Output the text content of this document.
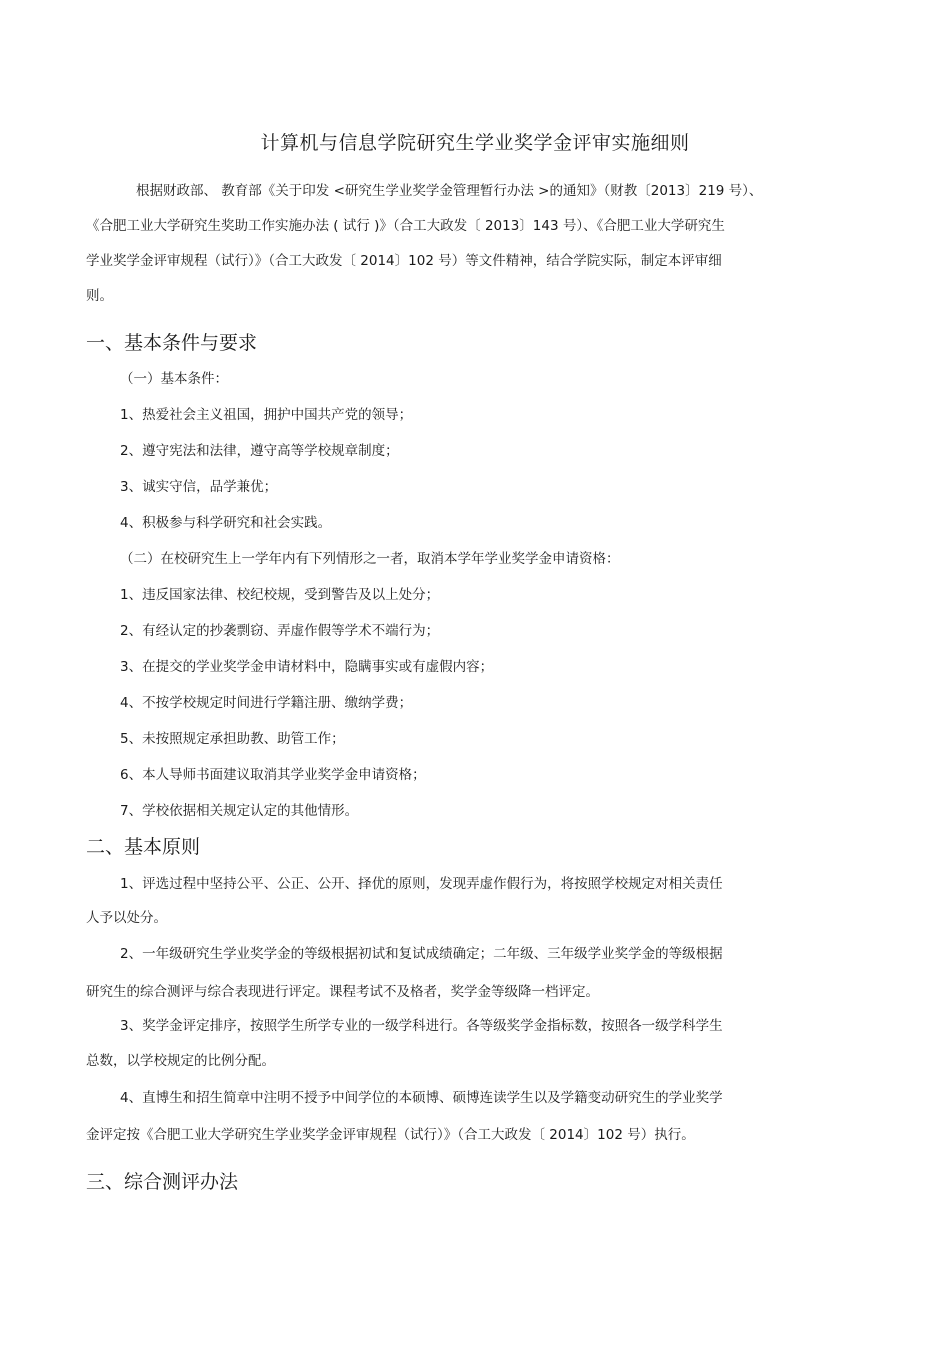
计算机与信息学院研究生学业奖学金评审实施细则
根据财政部、 教育部《关于印发 <研究生学业奖学金管理暂行办法 >的通知》（财教〔2013〕219 号）、
《合肥工业大学研究生奖助工作实施办法 ( 试行 )》（合工大政发〔 2013〕143 号）、《合肥工业大学研究生
学业奖学金评审规程（试行）》（合工大政发〔 2014〕102 号）等文件精神，结合学院实际，制定本评审细
则。
一、基本条件与要求
（一）基本条件：
1、热爱社会主义祖国，拥护中国共产党的领导；
2、遵守宪法和法律，遵守高等学校规章制度；
3、诚实守信，品学兼优；
4、积极参与科学研究和社会实践。
（二）在校研究生上一学年内有下列情形之一者，取消本学年学业奖学金申请资格：
1、违反国家法律、校纪校规，受到警告及以上处分；
2、有经认定的抄袭剽窃、弄虚作假等学术不端行为；
3、在提交的学业奖学金申请材料中，隐瞒事实或有虚假内容；
4、不按学校规定时间进行学籍注册、缴纳学费；
5、未按照规定承担助教、助管工作；
6、本人导师书面建议取消其学业奖学金申请资格；
7、学校依据相关规定认定的其他情形。
二、基本原则
1、评选过程中坚持公平、公正、公开、择优的原则，发现弄虚作假行为，将按照学校规定对相关责任
人予以处分。
2、一年级研究生学业奖学金的等级根据初试和复试成绩确定；二年级、三年级学业奖学金的等级根据
研究生的综合测评与综合表现进行评定。课程考试不及格者，奖学金等级降一档评定。
3、奖学金评定排序，按照学生所学专业的一级学科进行。各等级奖学金指标数，按照各一级学科学生
总数，以学校规定的比例分配。
4、直博生和招生简章中注明不授予中间学位的本硕博、硕博连读学生以及学籍变动研究生的学业奖学
金评定按《合肥工业大学研究生学业奖学金评审规程（试行）》（合工大政发〔 2014〕102 号）执行。
三、综合测评办法
